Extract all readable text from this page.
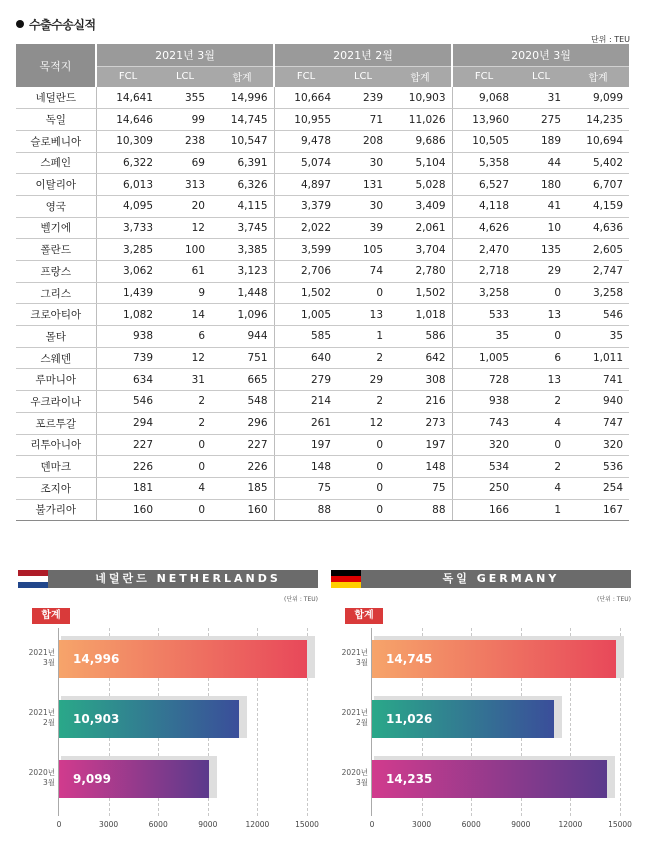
수출수송실적
단위 : TEU
목적지	2021년 3월			2021년 2월			2020년 3월		
	FCL	LCL	합계	FCL	LCL	합계	FCL	LCL	합계
네덜란드	14,641	355	14,996	10,664	239	10,903	9,068	31	9,099
독일	14,646	99	14,745	10,955	71	11,026	13,960	275	14,235
슬로베니아	10,309	238	10,547	9,478	208	9,686	10,505	189	10,694
스페인	6,322	69	6,391	5,074	30	5,104	5,358	44	5,402
이탈리아	6,013	313	6,326	4,897	131	5,028	6,527	180	6,707
영국	4,095	20	4,115	3,379	30	3,409	4,118	41	4,159
벨기에	3,733	12	3,745	2,022	39	2,061	4,626	10	4,636
폴란드	3,285	100	3,385	3,599	105	3,704	2,470	135	2,605
프랑스	3,062	61	3,123	2,706	74	2,780	2,718	29	2,747
그리스	1,439	9	1,448	1,502	0	1,502	3,258	0	3,258
크로아티아	1,082	14	1,096	1,005	13	1,018	533	13	546
몰타	938	6	944	585	1	586	35	0	35
스웨덴	739	12	751	640	2	642	1,005	6	1,011
루마니아	634	31	665	279	29	308	728	13	741
우크라이나	546	2	548	214	2	216	938	2	940
포르투갈	294	2	296	261	12	273	743	4	747
리투아니아	227	0	227	197	0	197	320	0	320
덴마크	226	0	226	148	0	148	534	2	536
조지아	181	4	185	75	0	75	250	4	254
불가리아	160	0	160	88	0	88	166	1	167
네덜란드 NETHERLANDS
(단위 : TEU)
합계
0	3000	6000	9000	12000	15000
14,996
2021년
3월
10,903
2021년
2월
9,099
2020년
3월
독일 GERMANY
(단위 : TEU)
합계
0	3000	6000	9000	12000	15000
14,745
2021년
3월
11,026
2021년
2월
14,235
2020년
3월
